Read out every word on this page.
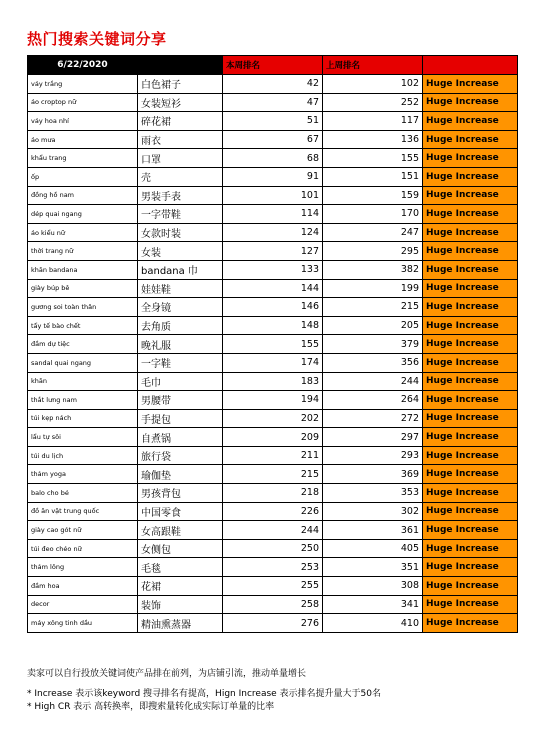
热门搜索关键词分享
6/22/2020		本周排名	上周排名	
váy trắng	白色裙子	42	102	Huge Increase
áo croptop nữ	女装短衫	47	252	Huge Increase
váy hoa nhí	碎花裙	51	117	Huge Increase
áo mưa	雨衣	67	136	Huge Increase
khẩu trang	口罩	68	155	Huge Increase
ốp	壳	91	151	Huge Increase
đồng hồ nam	男装手表	101	159	Huge Increase
dép quai ngang	一字带鞋	114	170	Huge Increase
áo kiểu nữ	女款时装	124	247	Huge Increase
thời trang nữ	女装	127	295	Huge Increase
khăn bandana	bandana 巾	133	382	Huge Increase
giày búp bê	娃娃鞋	144	199	Huge Increase
gương soi toàn thân	全身镜	146	215	Huge Increase
tẩy tế bào chết	去角质	148	205	Huge Increase
đầm dự tiệc	晚礼服	155	379	Huge Increase
sandal quai ngang	一字鞋	174	356	Huge Increase
khăn	毛巾	183	244	Huge Increase
thắt lưng nam	男腰带	194	264	Huge Increase
túi kẹp nách	手提包	202	272	Huge Increase
lẩu tự sôi	自煮锅	209	297	Huge Increase
túi du lịch	旅行袋	211	293	Huge Increase
thảm yoga	瑜伽垫	215	369	Huge Increase
balo cho bé	男孩背包	218	353	Huge Increase
đồ ăn vặt trung quốc	中国零食	226	302	Huge Increase
giày cao gót nữ	女高跟鞋	244	361	Huge Increase
túi đeo chéo nữ	女侧包	250	405	Huge Increase
thảm lông	毛毯	253	351	Huge Increase
đầm hoa	花裙	255	308	Huge Increase
decor	装饰	258	341	Huge Increase
máy xông tinh dầu	精油熏蒸器	276	410	Huge Increase
卖家可以自行投放关键词使产品排在前列，为店铺引流，推动单量增长
* Increase 表示该keyword 搜寻排名有提高，Hign Increase 表示排名提升量大于50名
* High CR 表示 高转换率，即搜索量转化成实际订单量的比率
